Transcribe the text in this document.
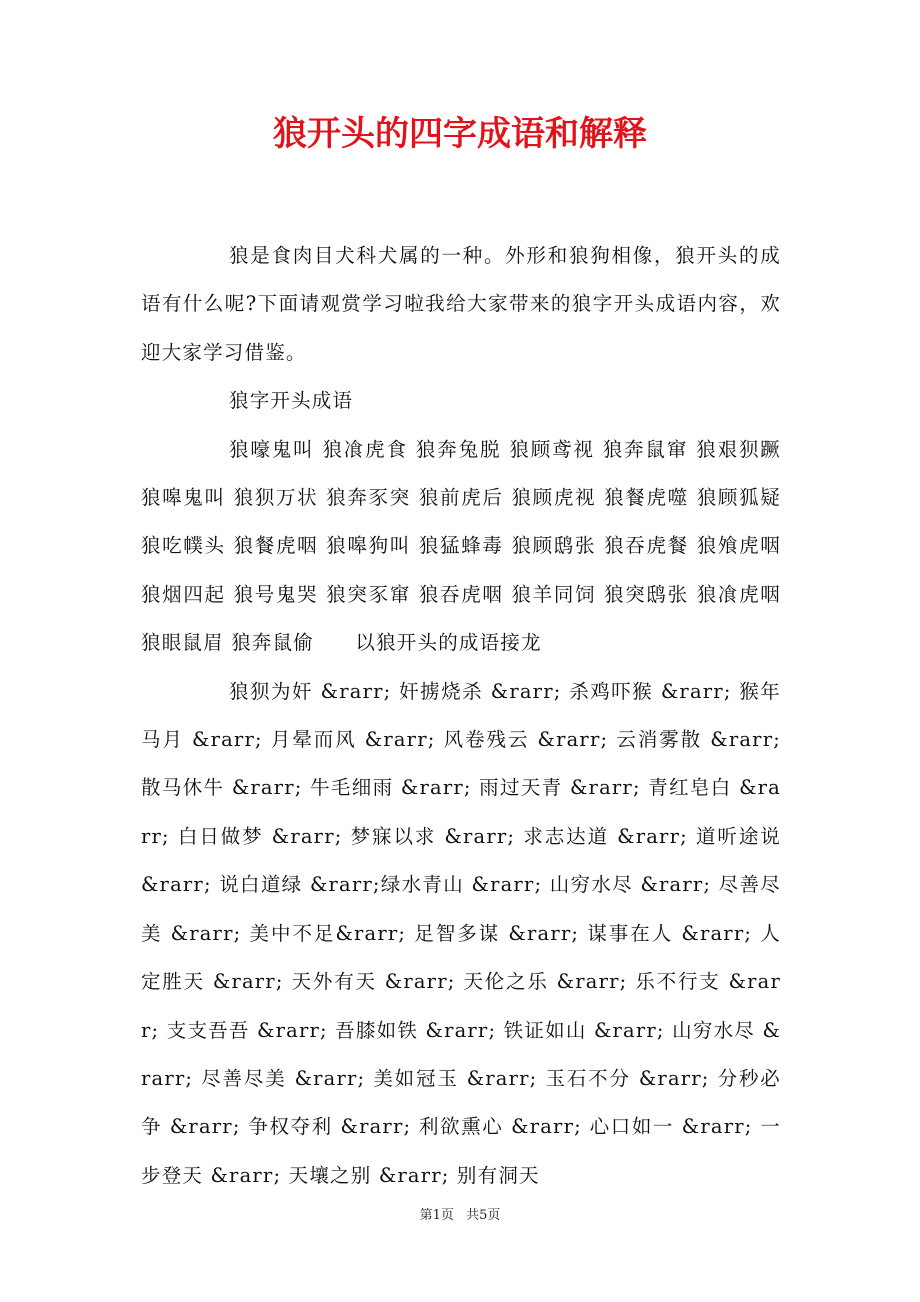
狼开头的四字成语和解释

狼是食肉目犬科犬属的一种。外形和狼狗相像，狼开头的成语有什么呢?下面请观赏学习啦我给大家带来的狼字开头成语内容，欢迎大家学习借鉴。

狼字开头成语

狼嚎鬼叫 狼飡虎食 狼奔兔脱 狼顾鸢视 狼奔鼠窜 狼艰狈蹶 狼嗥鬼叫 狼狈万状 狼奔豕突 狼前虎后 狼顾虎视 狼餐虎噬 狼顾狐疑 狼吃幞头 狼餐虎咽 狼嗥狗叫 狼猛蜂毒 狼顾鸱张 狼吞虎餐 狼飧虎咽 狼烟四起 狼号鬼哭 狼突豕窜 狼吞虎咽 狼羊同饲 狼突鸱张 狼飡虎咽 狼眼鼠眉 狼奔鼠偷　　以狼开头的成语接龙

狼狈为奸 &rarr; 奸掳烧杀 &rarr; 杀鸡吓猴 &rarr; 猴年马月 &rarr; 月晕而风 &rarr; 风卷残云 &rarr; 云消雾散 &rarr; 散马休牛 &rarr; 牛毛细雨 &rarr; 雨过天青 &rarr; 青红皂白 &rarr; 白日做梦 &rarr; 梦寐以求 &rarr; 求志达道 &rarr; 道听途说 &rarr; 说白道绿 &rarr;绿水青山 &rarr; 山穷水尽 &rarr; 尽善尽美 &rarr; 美中不足&rarr; 足智多谋 &rarr; 谋事在人 &rarr; 人定胜天 &rarr; 天外有天 &rarr; 天伦之乐 &rarr; 乐不行支 &rarr; 支支吾吾 &rarr; 吾膝如铁 &rarr; 铁证如山 &rarr; 山穷水尽 &rarr; 尽善尽美 &rarr; 美如冠玉 &rarr; 玉石不分 &rarr; 分秒必争 &rarr; 争权夺利 &rarr; 利欲熏心 &rarr; 心口如一 &rarr; 一步登天 &rarr; 天壤之别 &rarr; 别有洞天

第1页 共5页
